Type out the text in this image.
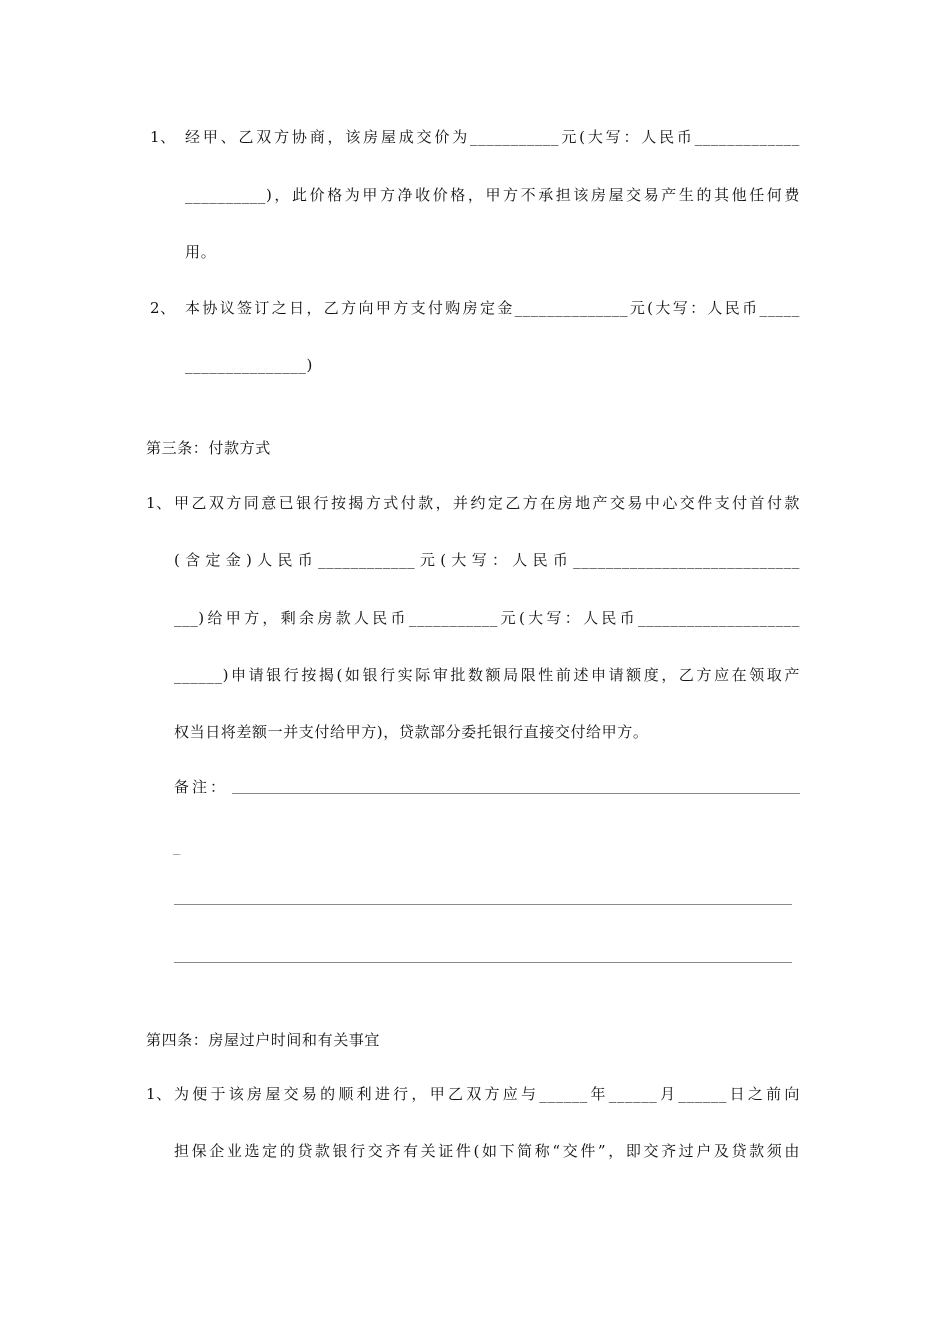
1、 经甲、乙双方协商，该房屋成交价为___________元(大写：人民币_____________
__________)，此价格为甲方净收价格，甲方不承担该房屋交易产生的其他任何费
用。
2、 本协议签订之日，乙方向甲方支付购房定金______________元(大写：人民币_____
_______________)
第三条：付款方式
1、 甲乙双方同意已银行按揭方式付款，并约定乙方在房地产交易中心交件支付首付款
(含定金)人民币____________元(大写：人民币____________________________
___)给甲方，剩余房款人民币___________元(大写：人民币____________________
______)申请银行按揭(如银行实际审批数额局限性前述申请额度，乙方应在领取产
权当日将差额一并支付给甲方)，贷款部分委托银行直接交付给甲方。
备注：
_
第四条：房屋过户时间和有关事宜
1、 为便于该房屋交易的顺利进行，甲乙双方应与______年______月______日之前向
担保企业选定的贷款银行交齐有关证件(如下简称“交件”，即交齐过户及贷款须由
